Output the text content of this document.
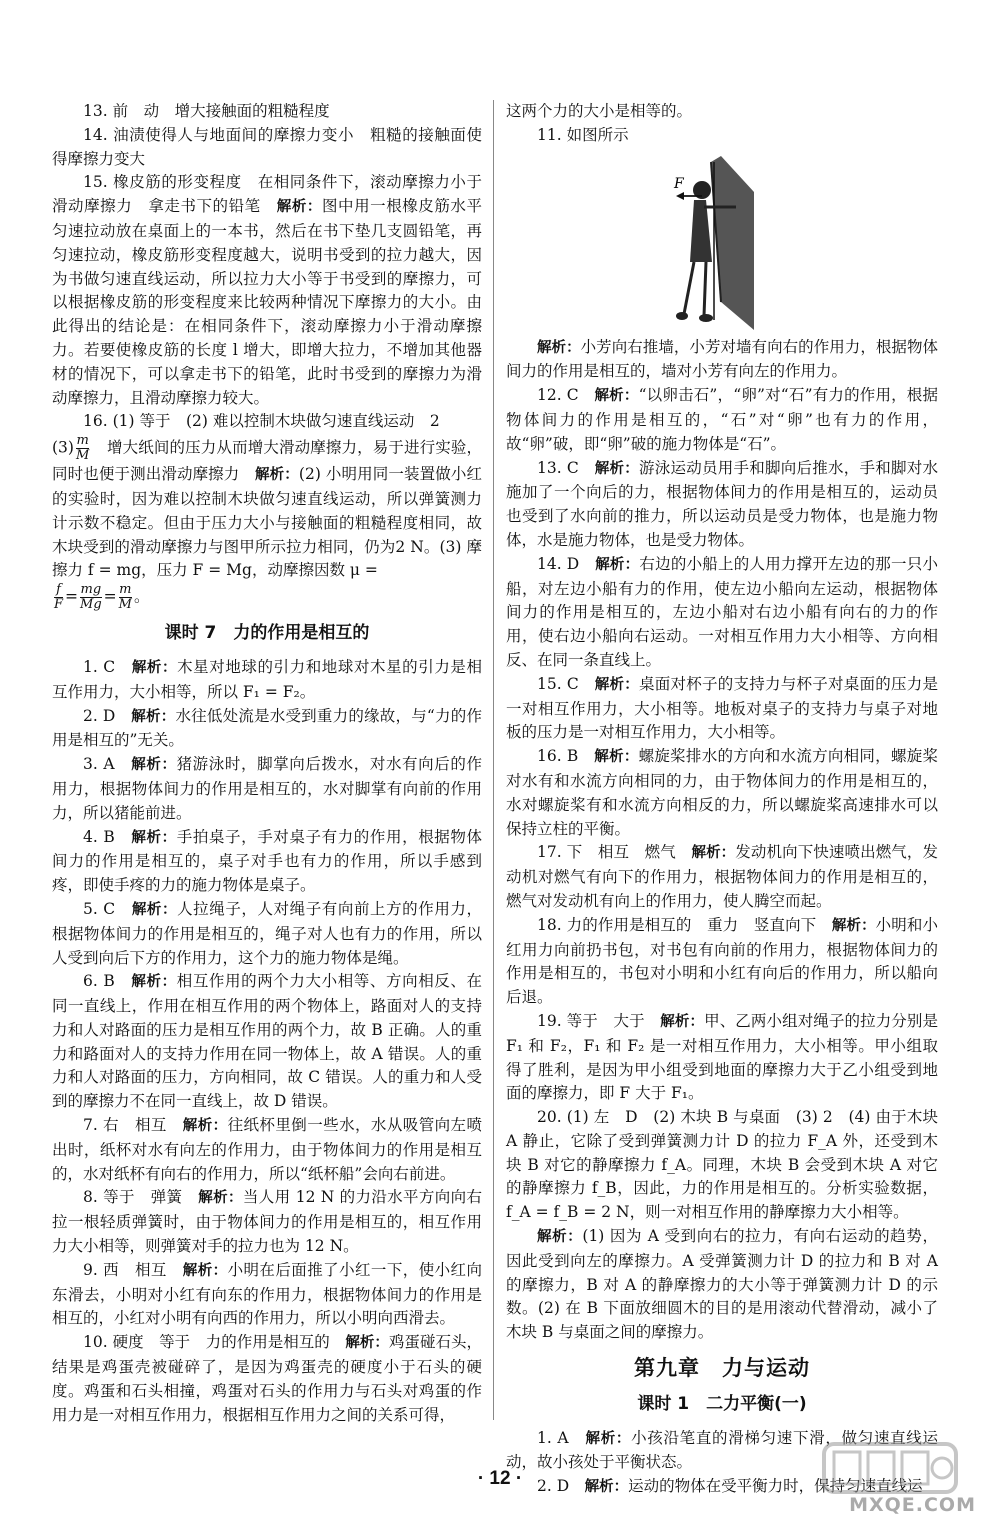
13. 前　动　增大接触面的粗糙程度

14. 油渍使得人与地面间的摩擦力变小　粗糙的接触面使得摩擦力变大

15. 橡皮筋的形变程度　在相同条件下，滚动摩擦力小于滑动摩擦力　拿走书下的铅笔　 解析：图中用一根橡皮筋水平匀速拉动放在桌面上的一本书，然后在书下垫几支圆铅笔，再匀速拉动，橡皮筋形变程度越大，说明书受到的拉力越大，因为书做匀速直线运动，所以拉力大小等于书受到的摩擦力，可以根据橡皮筋的形变程度来比较两种情况下摩擦力的大小。由此得出的结论是：在相同条件下，滚动摩擦力小于滑动摩擦力。若要使橡皮筋的长度 l 增大，即增大拉力，不增加其他器材的情况下，可以拿走书下的铅笔，此时书受到的摩擦力为滑动摩擦力，且滑动摩擦力较大。

16. (1) 等于　(2) 难以控制木块做匀速直线运动　2

$(3) \frac{m}{M}$ 　增大纸间的压力从而增大滑动摩擦力，易于进行实验，同时也便于测出滑动摩擦力　 解析：(2) 小明用同一装置做小红的实验时，因为难以控制木块做匀速直线运动，所以弹簧测力计示数不稳定。但由于压力大小与接触面的粗糙程度相同，故木块受到的滑动摩擦力与图甲所示拉力相同，仍为2 N。(3) 摩擦力 f = mg，压力 F = Mg，动摩擦因数 μ =

$\frac{f}{F} = \frac{mg}{Mg} = \frac{m}{M}$ 。

课时 7　力的作用是相互的

1. C　 解析：木星对地球的引力和地球对木星的引力是相互作用力，大小相等，所以 F₁ = F₂。

2. D　 解析：水往低处流是水受到重力的缘故，与“力的作用是相互的”无关。

3. A　 解析：猪游泳时，脚掌向后拨水，对水有向后的作用力，根据物体间力的作用是相互的，水对脚掌有向前的作用力，所以猪能前进。

4. B　 解析：手拍桌子，手对桌子有力的作用，根据物体间力的作用是相互的，桌子对手也有力的作用，所以手感到疼，即使手疼的力的施力物体是桌子。

5. C　 解析：人拉绳子，人对绳子有向前上方的作用力，根据物体间力的作用是相互的，绳子对人也有力的作用，所以人受到向后下方的作用力，这个力的施力物体是绳。

6. B　 解析：相互作用的两个力大小相等、方向相反、在同一直线上，作用在相互作用的两个物体上，路面对人的支持力和人对路面的压力是相互作用的两个力，故 B 正确。人的重力和路面对人的支持力作用在同一物体上，故 A 错误。人的重力和人对路面的压力，方向相同，故 C 错误。人的重力和人受到的摩擦力不在同一直线上，故 D 错误。

7. 右　相互　 解析：往纸杯里倒一些水，水从吸管向左喷出时，纸杯对水有向左的作用力，由于物体间力的作用是相互的，水对纸杯有向右的作用力，所以“纸杯船”会向右前进。

8. 等于　弹簧　 解析：当人用 12 N 的力沿水平方向向右拉一根轻质弹簧时，由于物体间力的作用是相互的，相互作用力大小相等，则弹簧对手的拉力也为 12 N。

9. 西　相互　 解析：小明在后面推了小红一下，使小红向东滑去，小明对小红有向东的作用力，根据物体间力的作用是相互的，小红对小明有向西的作用力，所以小明向西滑去。

10. 硬度　等于　力的作用是相互的　 解析：鸡蛋碰石头，结果是鸡蛋壳被碰碎了，是因为鸡蛋壳的硬度小于石头的硬度。鸡蛋和石头相撞，鸡蛋对石头的作用力与石头对鸡蛋的作用力是一对相互作用力，根据相互作用力之间的关系可得，

这两个力的大小是相等的。

11. 如图所示

F

解析：小芳向右推墙，小芳对墙有向右的作用力，根据物体间力的作用是相互的，墙对小芳有向左的作用力。

12. C　 解析：“以卵击石”，“卵”对“石”有力的作用，根据物体间力的作用是相互的，“石”对“卵”也有力的作用，故“卵”破，即“卵”破的施力物体是“石”。

13. C　 解析：游泳运动员用手和脚向后推水，手和脚对水施加了一个向后的力，根据物体间力的作用是相互的，运动员也受到了水向前的推力，所以运动员是受力物体，也是施力物体，水是施力物体，也是受力物体。

14. D　 解析：右边的小船上的人用力撑开左边的那一只小船，对左边小船有力的作用，使左边小船向左运动，根据物体间力的作用是相互的，左边小船对右边小船有向右的力的作用，使右边小船向右运动。一对相互作用力大小相等、方向相反、在同一条直线上。

15. C　 解析：桌面对杯子的支持力与杯子对桌面的压力是一对相互作用力，大小相等。地板对桌子的支持力与桌子对地板的压力是一对相互作用力，大小相等。

16. B　 解析：螺旋桨排水的方向和水流方向相同，螺旋桨对水有和水流方向相同的力，由于物体间力的作用是相互的，水对螺旋桨有和水流方向相反的力，所以螺旋桨高速排水可以保持立柱的平衡。

17. 下　相互　燃气　 解析：发动机向下快速喷出燃气，发动机对燃气有向下的作用力，根据物体间力的作用是相互的，燃气对发动机有向上的作用力，使人腾空而起。

18. 力的作用是相互的　重力　竖直向下　 解析：小明和小红用力向前扔书包，对书包有向前的作用力，根据物体间力的作用是相互的，书包对小明和小红有向后的作用力，所以船向后退。

19. 等于　大于　 解析：甲、乙两小组对绳子的拉力分别是 F₁ 和 F₂，F₁ 和 F₂ 是一对相互作用力，大小相等。甲小组取得了胜利，是因为甲小组受到地面的摩擦力大于乙小组受到地面的摩擦力，即 F 大于 F₁。

20. (1) 左　D　(2) 木块 B 与桌面　(3) 2　(4) 由于木块 A 静止，它除了受到弹簧测力计 D 的拉力 F_A 外，还受到木块 B 对它的静摩擦力 f_A。同理，木块 B 会受到木块 A 对它的静摩擦力 f_B，因此，力的作用是相互的。分析实验数据，f_A = f_B = 2 N，则一对相互作用的静摩擦力大小相等。

解析：(1) 因为 A 受到向右的拉力，有向右运动的趋势，因此受到向左的摩擦力。A 受弹簧测力计 D 的拉力和 B 对 A 的摩擦力，B 对 A 的静摩擦力的大小等于弹簧测力计 D 的示数。(2) 在 B 下面放细圆木的目的是用滚动代替滑动，减小了木块 B 与桌面之间的摩擦力。

第九章　力与运动
课时 1　二力平衡(一)

1. A　 解析：小孩沿笔直的滑梯匀速下滑，做匀速直线运动，故小孩处于平衡状态。

2. D　 解析：运动的物体在受平衡力时，保持匀速直线运

· 12 ·
MXQE.COM
